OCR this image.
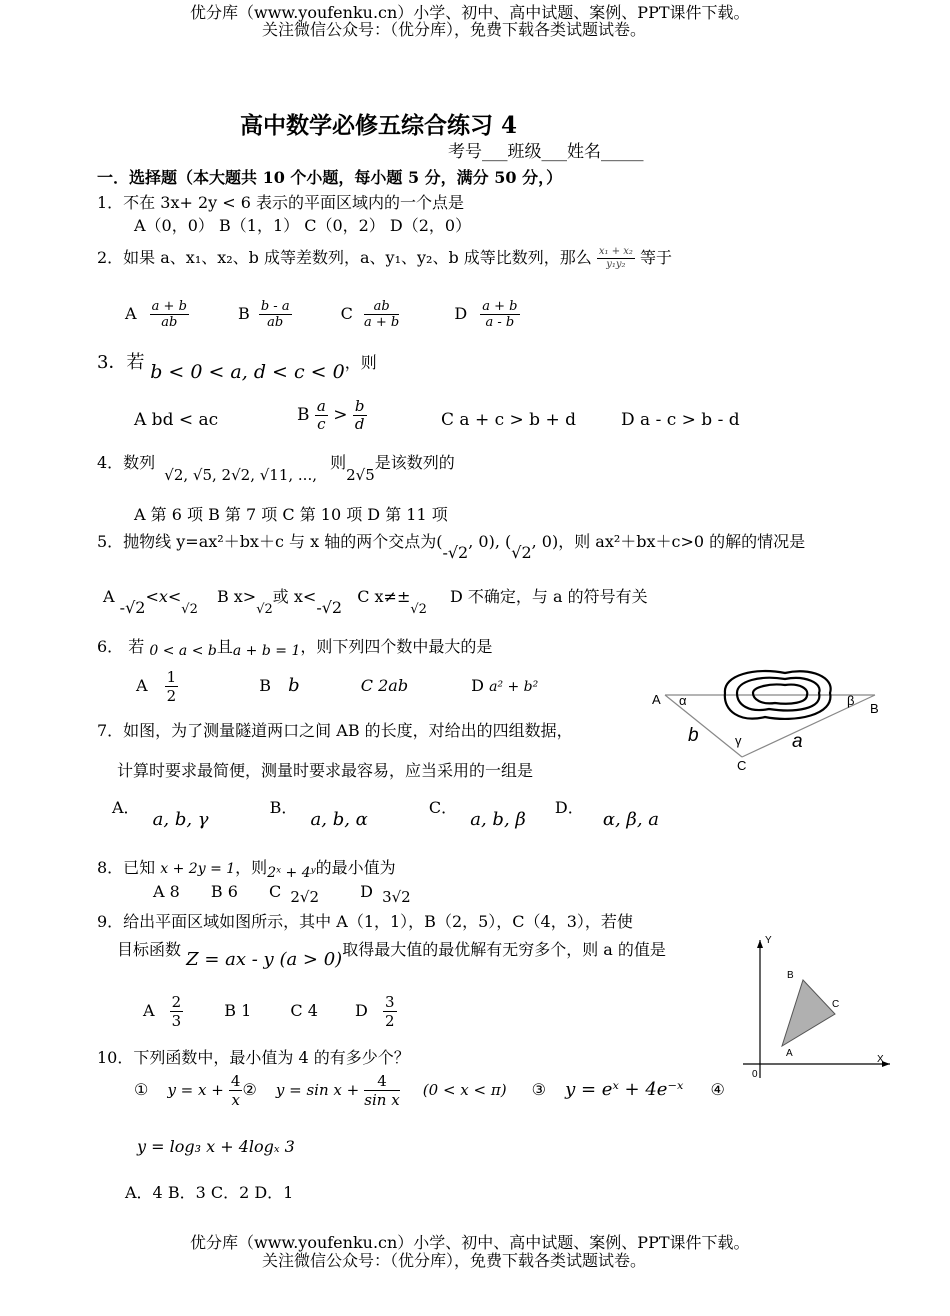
优分库（www.youfenku.cn）小学、初中、高中试题、案例、PPT课件下载。
关注微信公众号：（优分库），免费下载各类试题试卷。
高中数学必修五综合练习 4
考号___班级___姓名_____
一．选择题（本大题共 10 个小题，每小题 5 分，满分 50 分，）
1．不在 3x+ 2y < 6 表示的平面区域内的一个点是
A（0，0） B（1，1） C（0，2） D（2，0）
2．如果 a、x₁、x₂、b 成等差数列，a、y₁、y₂、b 成等比数列，那么 $\frac{\text{x₁ + x₂}}{\text{y₁y₂}}$ 等于
A $\frac{a + b}{ab}$	B $\frac{b - a}{ab}$	C $\frac{ab}{a + b}$	D $\frac{a + b}{a - b}$
3．若 b < 0 < a, d < c < 0，则
A bd < ac	B $\frac{a}{c} > \frac{b}{d}$	C a + c > b + d	D a - c > b - d
4．数列 √2, √5, 2√2, √11, ..., 则2√5是该数列的
A 第 6 项 B 第 7 项 C 第 10 项 D 第 11 项
5．抛物线 y=ax²＋bx＋c 与 x 轴的两个交点为(-√2, 0), (√2, 0)，则 ax²＋bx＋c>0 的解的情况是
A $-√2<x<_{√2}$ B $x>_{√2}$或 x<-√2 C $x\ne\pm_{√2}$ D 不确定，与 a 的符号有关
6． 若 0 < a < b且a + b = 1，则下列四个数中最大的是
A $\frac{1}{2}$	B b	C 2ab	D a² + b²
7．如图，为了测量隧道两口之间 AB 的长度，对给出的四组数据，
计算时要求最简便，测量时要求最容易，应当采用的一组是
A． a, b, γ B． a, b, α C． a, b, β D． α, β, a
A
B
C
α	β
γ
b	a
8．已知 x + 2y = 1，则2ˣ + 4ʸ的最小值为
A 8 B 6 C 2√2	D 3√2
9．给出平面区域如图所示，其中 A（1，1），B（2，5），C（4，3），若使
目标函数 Z = ax - y (a > 0)取得最大值的最优解有无穷多个，则 a 的值是
A $\frac{2}{3}$	B 1 C 4 D $\frac{3}{2}$
Y
X
0
A
B
C
10．下列函数中，最小值为 4 的有多少个？
① $y = x + \frac{4}{x}$ ② $y = \sin x + \frac{4}{\text{sin x}} (0 < x < \pi)$ ③ y = eˣ + 4e⁻ˣ ④
y = log₃ x + 4logₓ 3
A．4 B．3 C．2 D．1
优分库（www.youfenku.cn）小学、初中、高中试题、案例、PPT课件下载。
关注微信公众号：（优分库），免费下载各类试题试卷。
